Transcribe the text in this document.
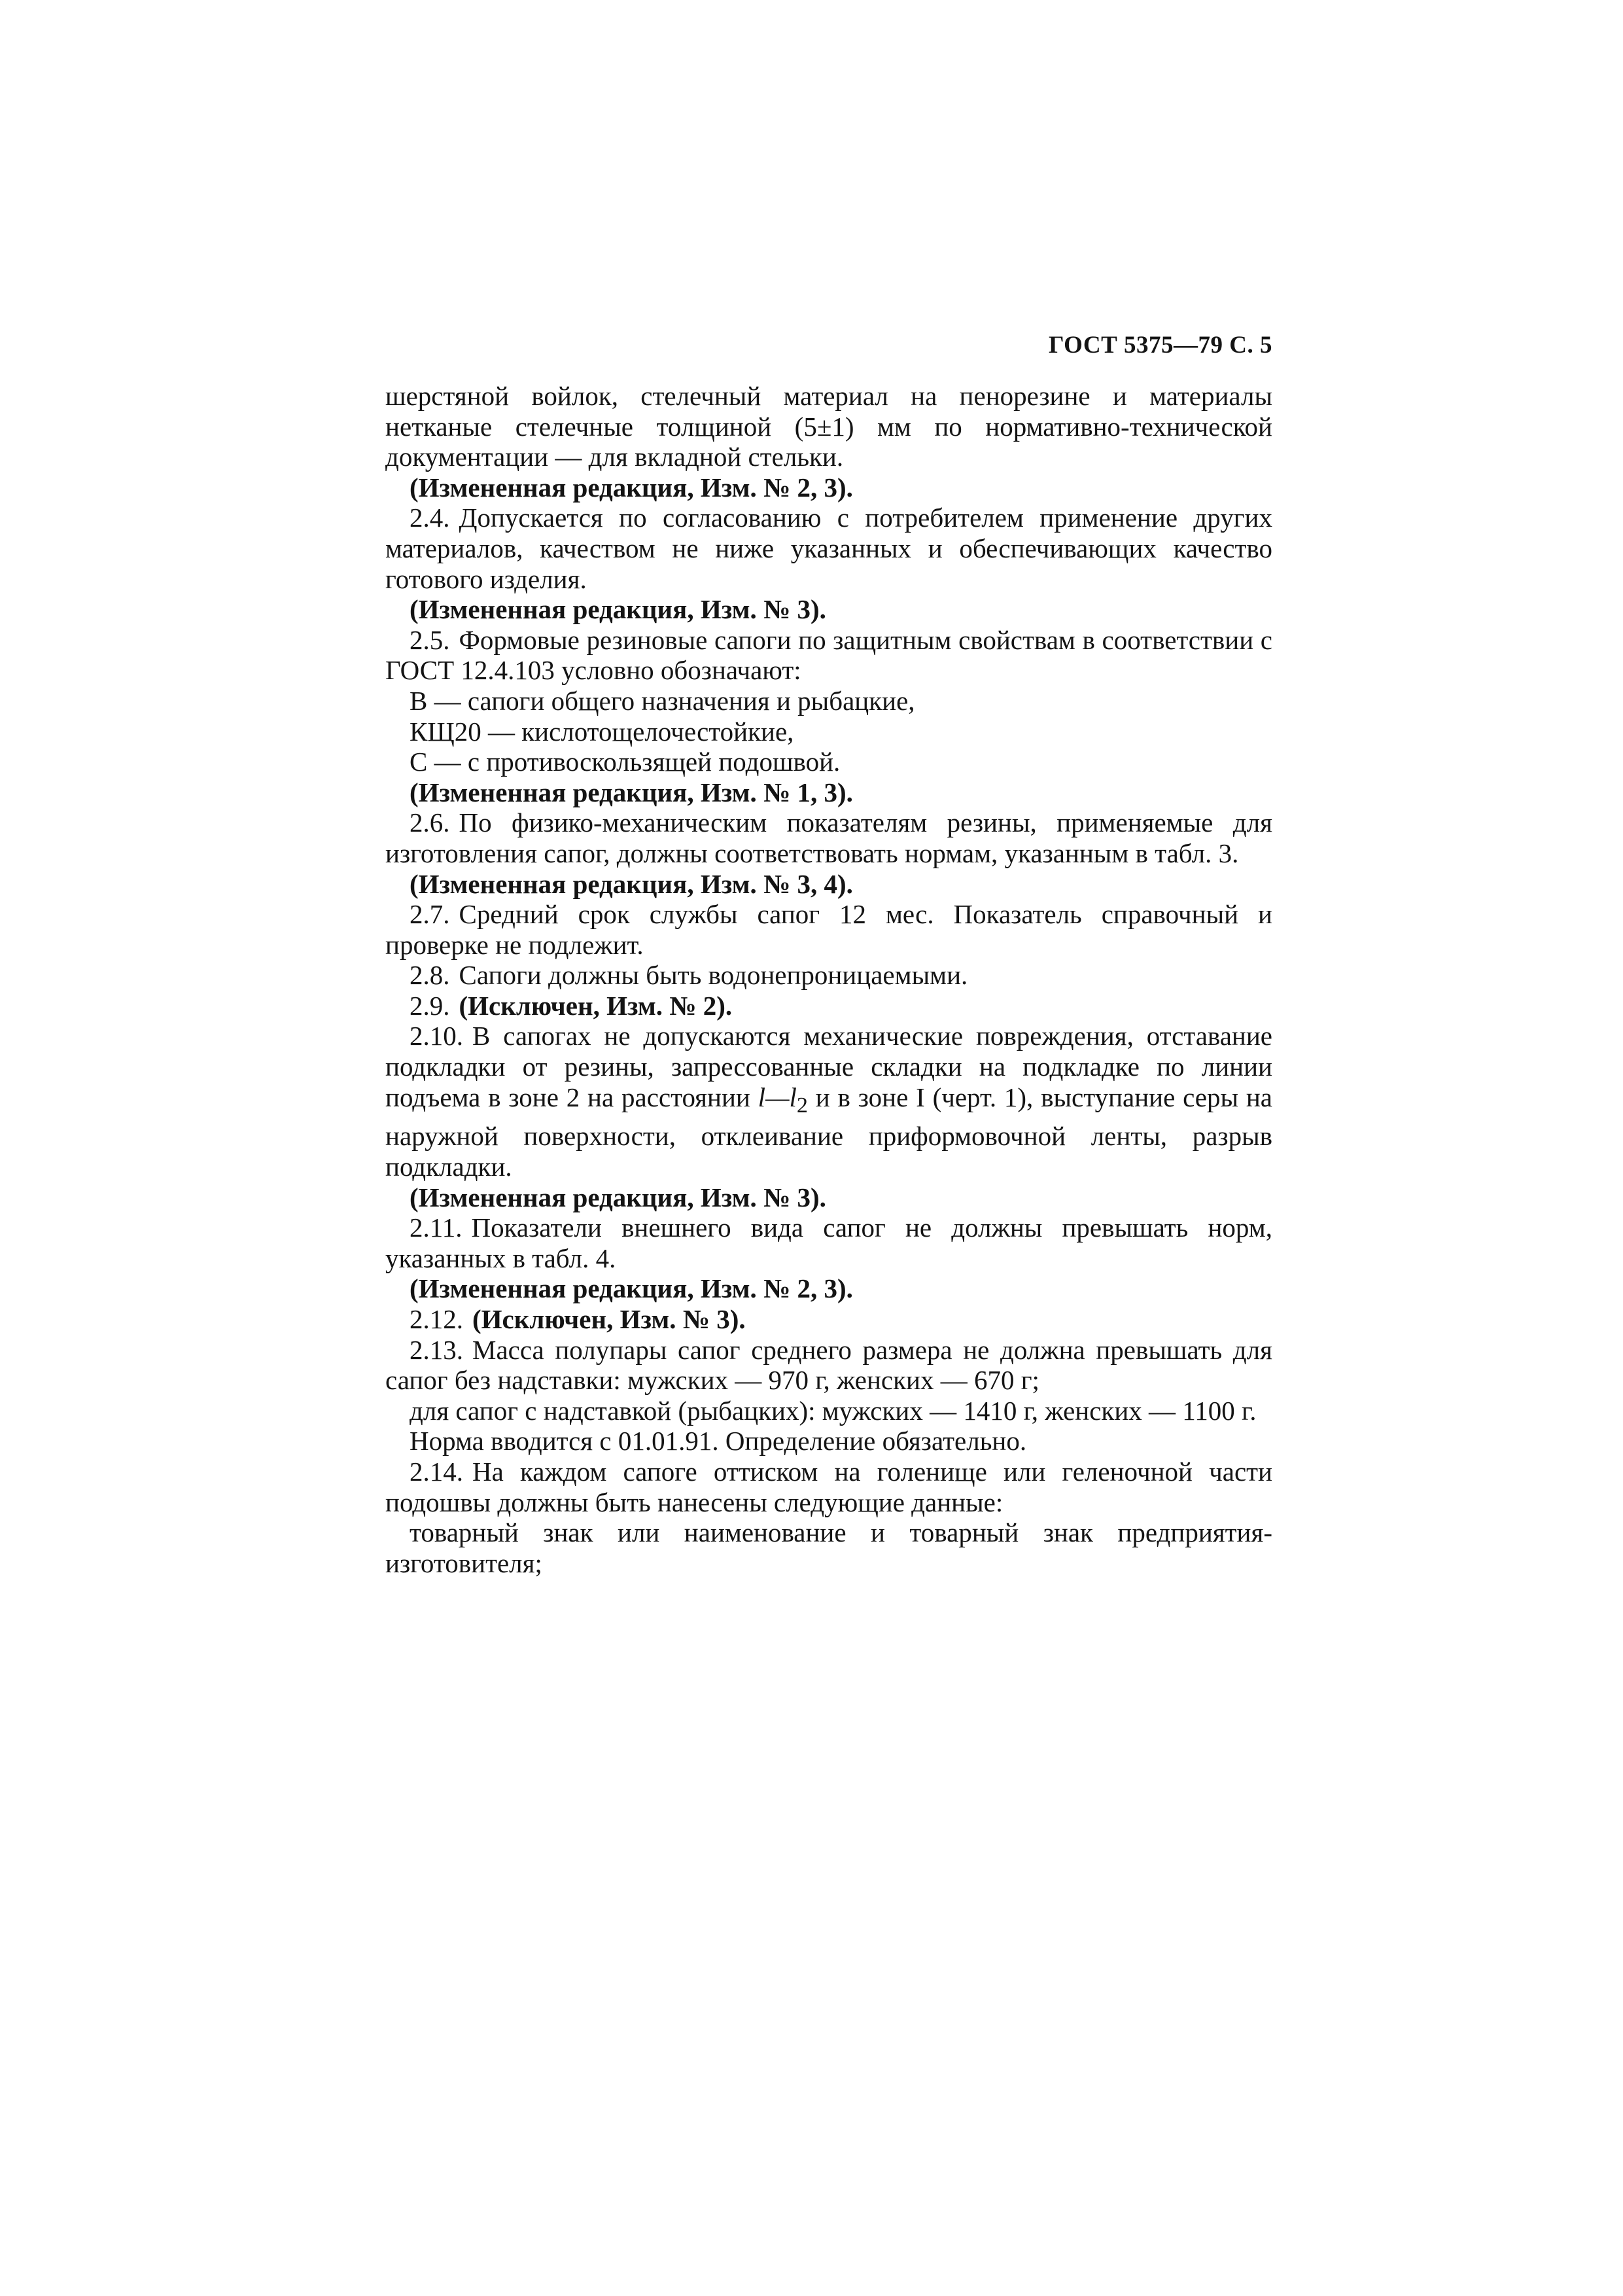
ГОСТ 5375—79 С. 5

шерстяной войлок, стелечный материал на пенорезине и материалы нетканые стелечные толщиной (5±1) мм по нормативно-технической документации — для вкладной стельки.

(Измененная редакция, Изм. № 2, 3).

2.4. Допускается по согласованию с потребителем применение других материалов, качеством не ниже указанных и обеспечивающих качество готового изделия.

(Измененная редакция, Изм. № 3).

2.5. Формовые резиновые сапоги по защитным свойствам в соответствии с ГОСТ 12.4.103 условно обозначают:

В — сапоги общего назначения и рыбацкие,

КЩ20 — кислотощелочестойкие,

С — с противоскользящей подошвой.

(Измененная редакция, Изм. № 1, 3).

2.6. По физико-механическим показателям резины, применяемые для изготовления сапог, должны соответствовать нормам, указанным в табл. 3.

(Измененная редакция, Изм. № 3, 4).

2.7. Средний срок службы сапог 12 мес. Показатель справочный и проверке не подлежит.

2.8. Сапоги должны быть водонепроницаемыми.

2.9. (Исключен, Изм. № 2).

2.10. В сапогах не допускаются механические повреждения, отставание подкладки от резины, запрессованные складки на подкладке по линии подъема в зоне 2 на расстоянии $l—l_2$ и в зоне I (черт. 1), выступание серы на наружной поверхности, отклеивание приформовочной ленты, разрыв подкладки.

(Измененная редакция, Изм. № 3).

2.11. Показатели внешнего вида сапог не должны превышать норм, указанных в табл. 4.

(Измененная редакция, Изм. № 2, 3).

2.12. (Исключен, Изм. № 3).

2.13. Масса полупары сапог среднего размера не должна превышать для сапог без надставки: мужских — 970 г, женских — 670 г;

для сапог с надставкой (рыбацких): мужских — 1410 г, женских — 1100 г.

Норма вводится с 01.01.91. Определение обязательно.

2.14. На каждом сапоге оттиском на голенище или геленочной части подошвы должны быть нанесены следующие данные:

товарный знак или наименование и товарный знак предприятия-изготовителя;
